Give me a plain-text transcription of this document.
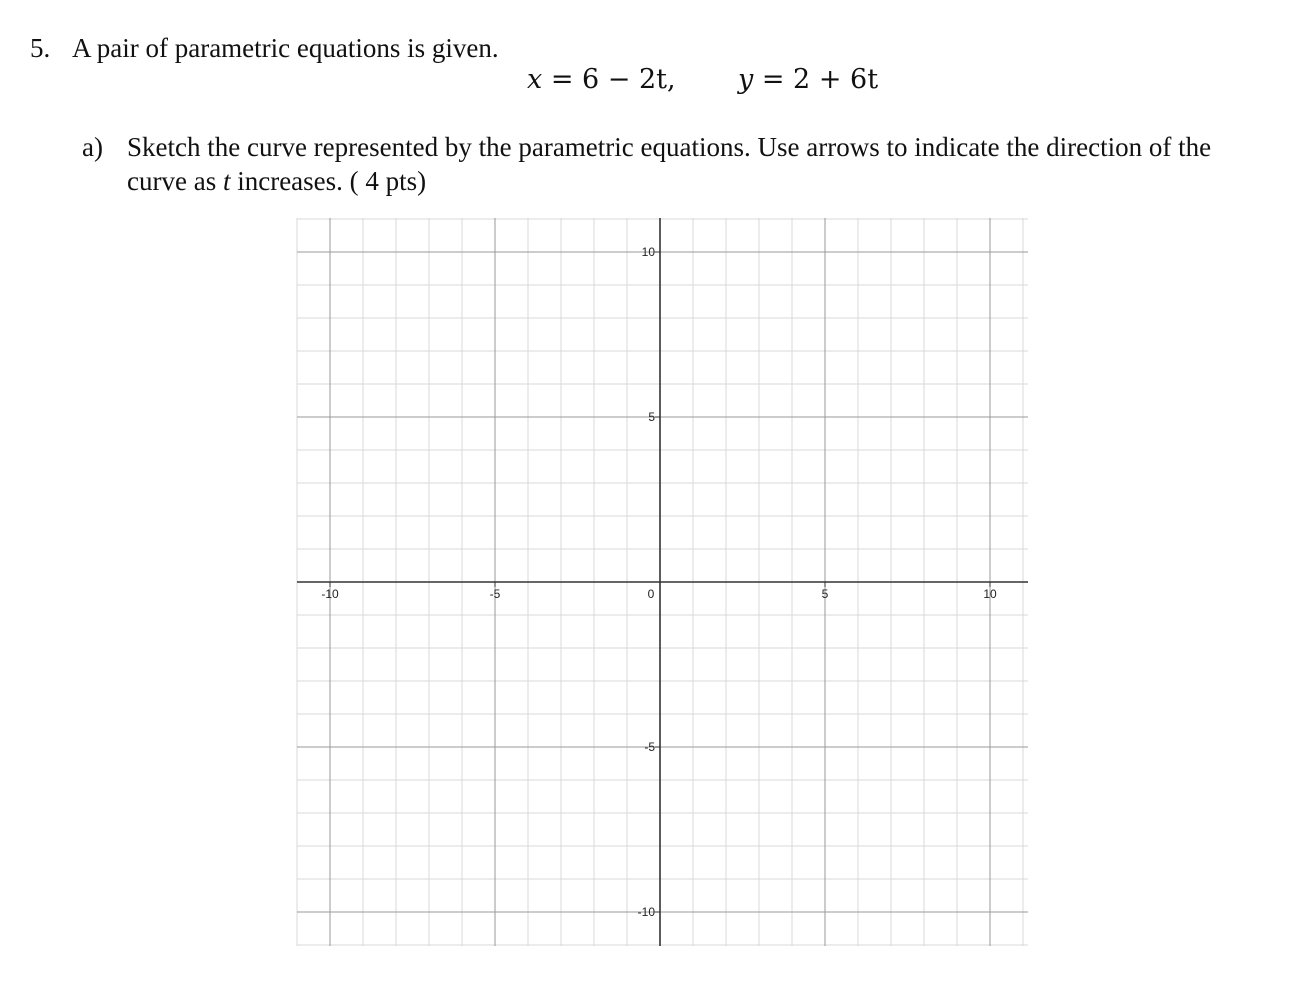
5. A pair of parametric equations is given.
x = 6 − 2t, y = 2 + 6t
a) Sketch the curve represented by the parametric equations. Use arrows to indicate the direction of the
curve as t increases. ( 4 pts)
-10	-5	0	5	10
10
5
-5
-10
